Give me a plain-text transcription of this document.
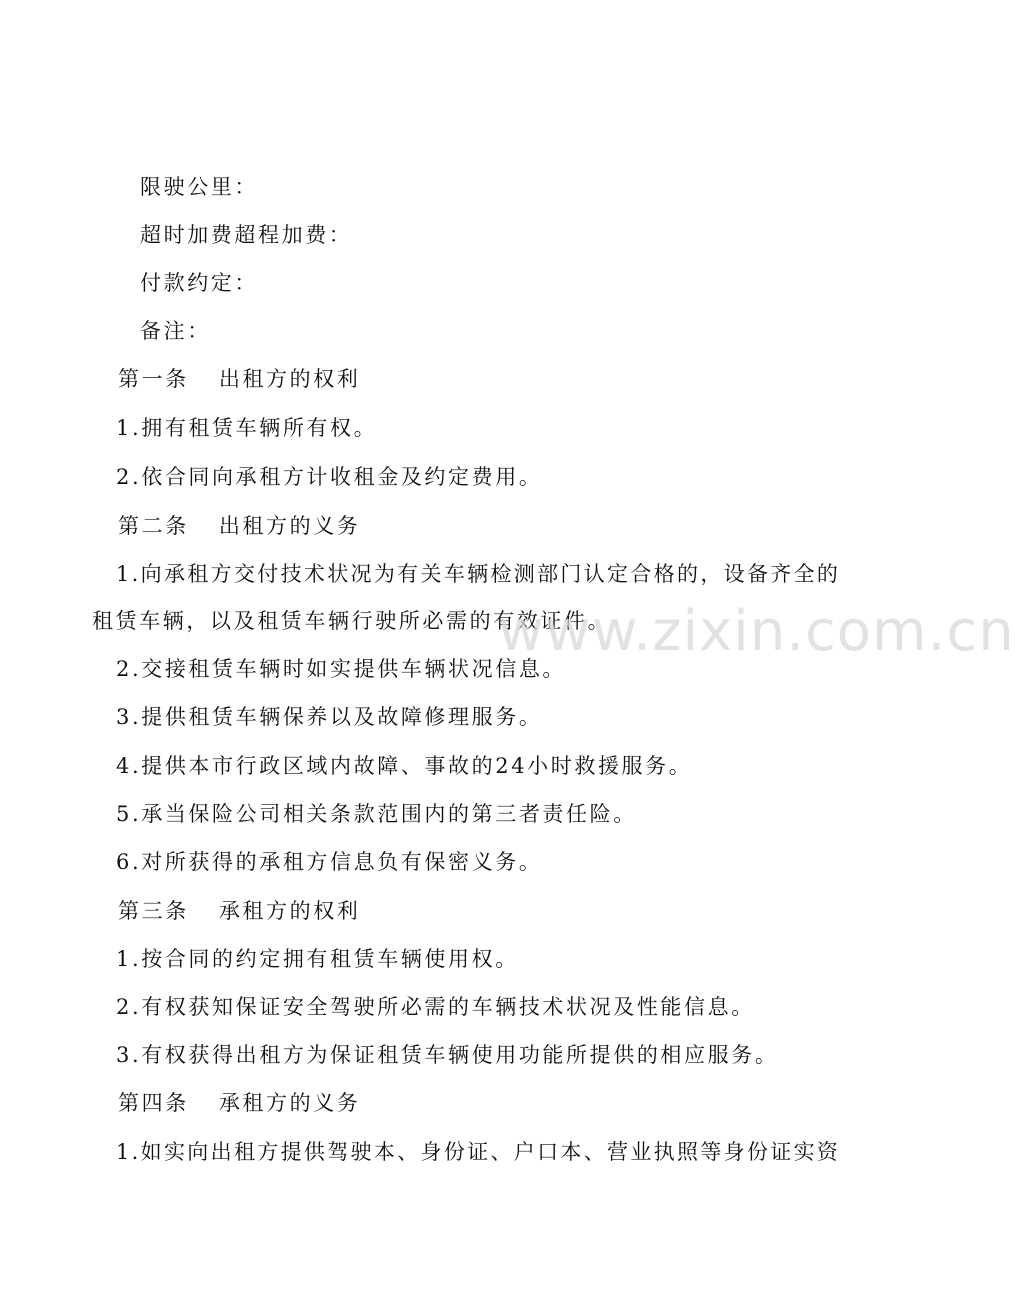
限驶公里：
超时加费超程加费：
付款约定：
备注：
第一条 出租方的权利
1.拥有租赁车辆所有权。
2.依合同向承租方计收租金及约定费用。
第二条 出租方的义务
1.向承租方交付技术状况为有关车辆检测部门认定合格的，设备齐全的
租赁车辆，以及租赁车辆行驶所必需的有效证件。
2.交接租赁车辆时如实提供车辆状况信息。
3.提供租赁车辆保养以及故障修理服务。
4.提供本市行政区域内故障、事故的24小时救援服务。
5.承当保险公司相关条款范围内的第三者责任险。
6.对所获得的承租方信息负有保密义务。
第三条 承租方的权利
1.按合同的约定拥有租赁车辆使用权。
2.有权获知保证安全驾驶所必需的车辆技术状况及性能信息。
3.有权获得出租方为保证租赁车辆使用功能所提供的相应服务。
第四条 承租方的义务
1.如实向出租方提供驾驶本、身份证、户口本、营业执照等身份证实资
www.zixin.com.cn
